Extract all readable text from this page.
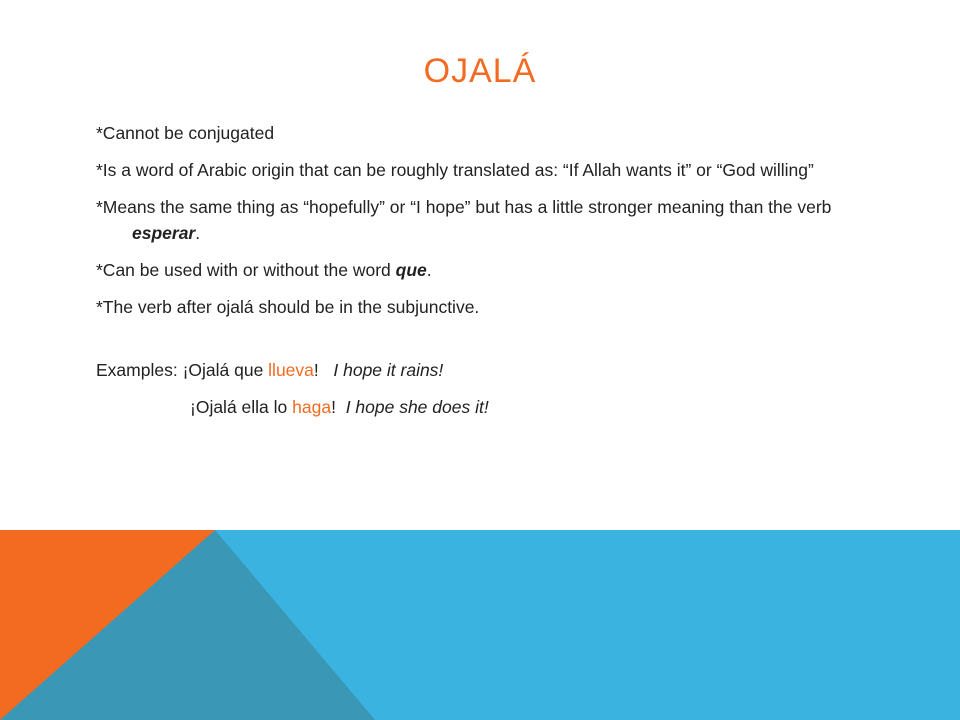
OJALÁ

*Cannot be conjugated

*Is a word of Arabic origin that can be roughly translated as: “If Allah wants it” or “God willing”

*Means the same thing as “hopefully” or “I hope” but has a little stronger meaning than the verb esperar.

*Can be used with or without the word que.

*The verb after ojalá should be in the subjunctive.

Examples: ¡Ojalá que llueva! I hope it rains!

¡Ojalá ella lo haga! I hope she does it!
